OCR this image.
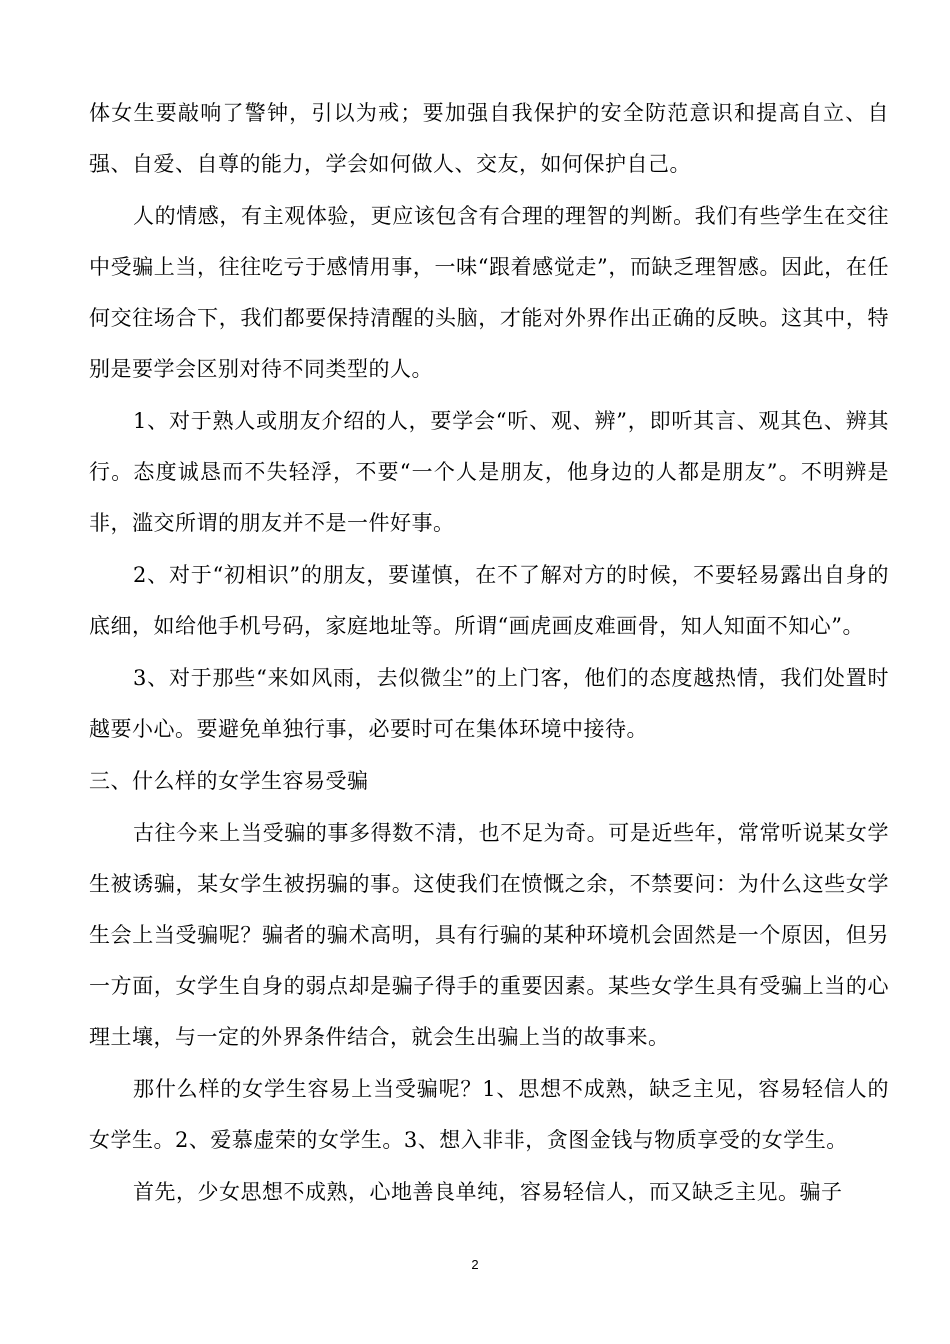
体女生要敲响了警钟，引以为戒；要加强自我保护的安全防范意识和提高自立、自强、自爱、自尊的能力，学会如何做人、交友，如何保护自己。

人的情感，有主观体验，更应该包含有合理的理智的判断。我们有些学生在交往中受骗上当，往往吃亏于感情用事，一味“跟着感觉走”，而缺乏理智感。因此，在任何交往场合下，我们都要保持清醒的头脑，才能对外界作出正确的反映。这其中，特别是要学会区别对待不同类型的人。

1、对于熟人或朋友介绍的人，要学会“听、观、辨”，即听其言、观其色、辨其行。态度诚恳而不失轻浮，不要“一个人是朋友，他身边的人都是朋友”。不明辨是非，滥交所谓的朋友并不是一件好事。

2、对于“初相识”的朋友，要谨慎，在不了解对方的时候，不要轻易露出自身的底细，如给他手机号码，家庭地址等。所谓“画虎画皮难画骨，知人知面不知心”。

3、对于那些“来如风雨，去似微尘”的上门客，他们的态度越热情，我们处置时越要小心。要避免单独行事，必要时可在集体环境中接待。

三、什么样的女学生容易受骗

古往今来上当受骗的事多得数不清，也不足为奇。可是近些年，常常听说某女学生被诱骗，某女学生被拐骗的事。这使我们在愤慨之余，不禁要问：为什么这些女学生会上当受骗呢？骗者的骗术高明，具有行骗的某种环境机会固然是一个原因，但另一方面，女学生自身的弱点却是骗子得手的重要因素。某些女学生具有受骗上当的心理土壤，与一定的外界条件结合，就会生出骗上当的故事来。

那什么样的女学生容易上当受骗呢？1、思想不成熟，缺乏主见，容易轻信人的女学生。2、爱慕虚荣的女学生。3、想入非非，贪图金钱与物质享受的女学生。

首先，少女思想不成熟，心地善良单纯，容易轻信人，而又缺乏主见。骗子

2
